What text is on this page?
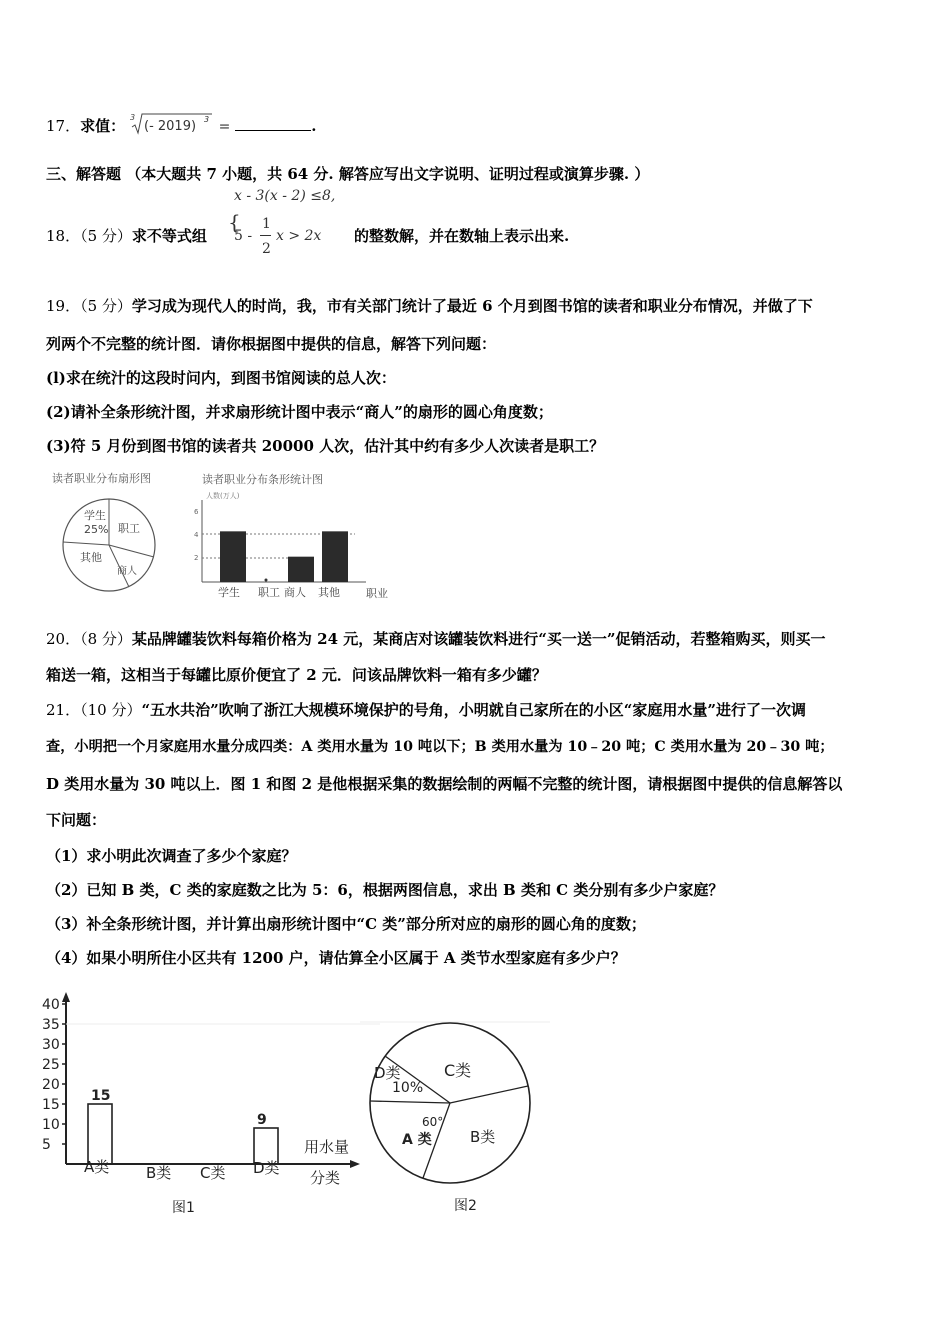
17．求值： 3
(- 2019) 3 =	.
三、解答题 （本大题共 7 小题，共 64 分. 解答应写出文字说明、证明过程或演算步骤. ）
x - 3(x - 2) ≤8,
18．（5 分）求不等式组
{
5 -
1
2
x > 2x 的整数解，并在数轴上表示出来.
19．（5 分）学习成为现代人的时尚，我，市有关部门统计了最近 6 个月到图书馆的读者和职业分布情况，并做了下
列两个不完整的统计图．请你根据图中提供的信息，解答下列问题：
(l)求在统汁的这段时问内，到图书馆阅读的总人次：
(2)请补全条形统汁图，并求扇形统计图中表示“商人”的扇形的圆心角度数；
(3)符 5 月份到图书馆的读者共 20000 人次，估汁其中约有多少人次读者是职工？
读者职业分布扇形图
学生
25% 职工
其他
商人
读者职业分布条形统计图
人数(万人)
6
4
2
职业
学生 职工 商人 其他
20．（8 分）某品牌罐装饮料每箱价格为 24 元，某商店对该罐装饮料进行“买一送一”促销活动，若整箱购买，则买一
箱送一箱，这相当于每罐比原价便宜了 2 元．问该品牌饮料一箱有多少罐？
21．（10 分）“五水共治”吹响了浙江大规模环境保护的号角，小明就自己家所在的小区“家庭用水量”进行了一次调
查，小明把一个月家庭用水量分成四类：A 类用水量为 10 吨以下；B 类用水量为 10﹣20 吨；C 类用水量为 20﹣30 吨；
D 类用水量为 30 吨以上．图 1 和图 2 是他根据采集的数据绘制的两幅不完整的统计图，请根据图中提供的信息解答以
下问题：
（1）求小明此次调查了多少个家庭？
（2）已知 B 类，C 类的家庭数之比为 5：6，根据两图信息，求出 B 类和 C 类分别有多少户家庭？
（3）补全条形统计图，并计算出扇形统计图中“C 类”部分所对应的扇形的圆心角的度数；
（4）如果小明所住小区共有 1200 户，请估算全小区属于 A 类节水型家庭有多少户？
用水量
分类
A类 B类 C类 D类
图1
40
35
30
25
20
15
10
5
15
9
D类
10%
C类
60°
A 类	B类
图2
